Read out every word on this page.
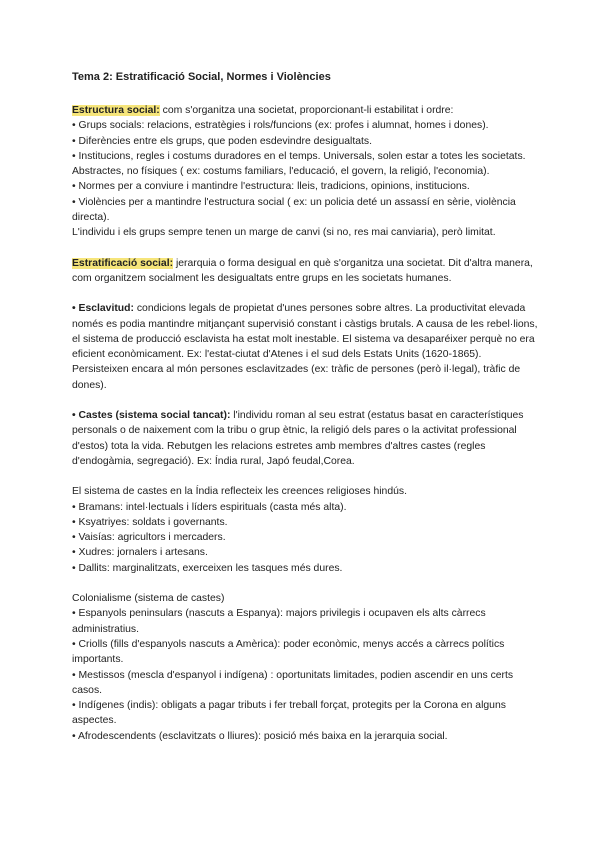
Tema 2: Estratificació Social, Normes i Violències

Estructura social: com s'organitza una societat, proporcionant-li estabilitat i ordre:

• Grups socials: relacions, estratègies i rols/funcions (ex: profes i alumnat, homes i dones).

• Diferències entre els grups, que poden esdevindre desigualtats.

• Institucions, regles i costums duradores en el temps. Universals, solen estar a totes les societats. Abstractes, no físiques ( ex: costums familiars, l'educació, el govern, la religió, l'economia).

• Normes per a conviure i mantindre l'estructura: lleis, tradicions, opinions, institucions.

• Violències per a mantindre l'estructura social ( ex: un policia deté un assassí en sèrie, violència directa).

L'individu i els grups sempre tenen un marge de canvi (si no, res mai canviaria), però limitat.

Estratificació social: jerarquia o forma desigual en què s'organitza una societat. Dit d'altra manera, com organitzem socialment les desigualtats entre grups en les societats humanes.

• Esclavitud: condicions legals de propietat d'unes persones sobre altres. La productivitat elevada només es podia mantindre mitjançant supervisió constant i càstigs brutals. A causa de les rebel·lions, el sistema de producció esclavista ha estat molt inestable. El sistema va desaparéixer perquè no era eficient econòmicament. Ex: l'estat-ciutat d'Atenes i el sud dels Estats Units (1620-1865). Persisteixen encara al món persones esclavitzades (ex: tràfic de persones (però il·legal), tràfic de dones).

• Castes (sistema social tancat): l'individu roman al seu estrat (estatus basat en característiques personals o de naixement com la tribu o grup ètnic, la religió dels pares o la activitat professional d'estos) tota la vida. Rebutgen les relacions estretes amb membres d'altres castes (regles d'endogàmia, segregació). Ex: Índia rural, Japó feudal,Corea.

El sistema de castes en la Índia reflecteix les creences religioses hindús.

• Bramans: intel·lectuals i líders espirituals (casta més alta).

• Ksyatriyes: soldats i governants.

• Vaisías: agricultors i mercaders.

• Xudres: jornalers i artesans.

• Dallits: marginalitzats, exerceixen les tasques més dures.

Colonialisme (sistema de castes)

• Espanyols peninsulars (nascuts a Espanya): majors privilegis i ocupaven els alts càrrecs administratius.

• Criolls (fills d'espanyols nascuts a Amèrica): poder econòmic, menys accés a càrrecs polítics importants.

• Mestissos (mescla d'espanyol i indígena) : oportunitats limitades, podien ascendir en uns certs casos.

• Indígenes (indis): obligats a pagar tributs i fer treball forçat, protegits per la Corona en alguns aspectes.

• Afrodescendents (esclavitzats o lliures): posició més baixa en la jerarquia social.
